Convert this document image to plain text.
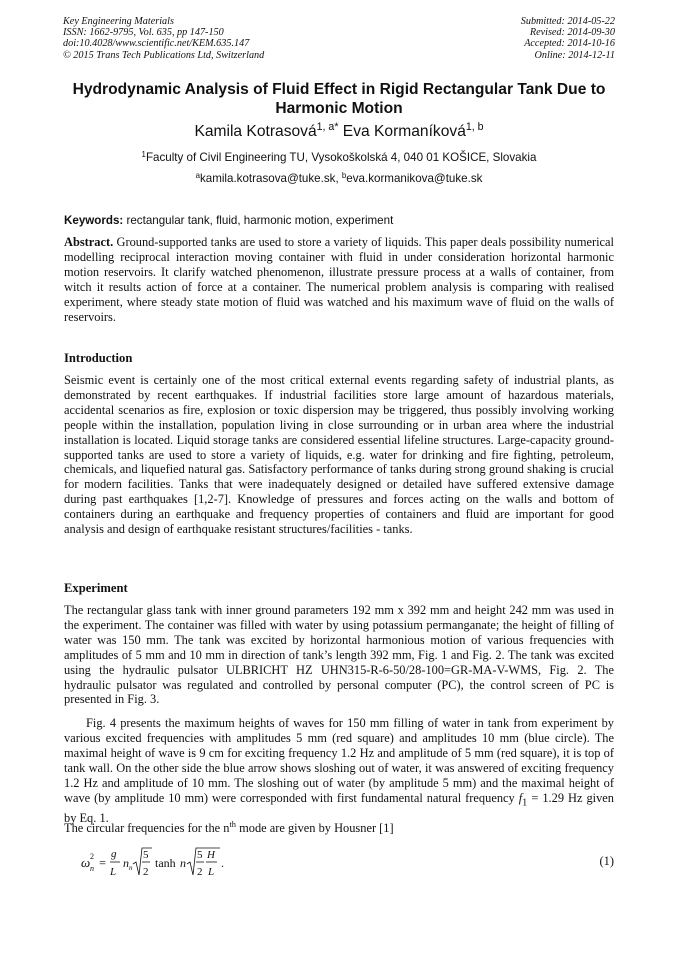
Key Engineering Materials
ISSN: 1662-9795, Vol. 635, pp 147-150
doi:10.4028/www.scientific.net/KEM.635.147
© 2015 Trans Tech Publications Ltd, Switzerland
Submitted: 2014-05-22
Revised: 2014-09-30
Accepted: 2014-10-16
Online: 2014-12-11
Hydrodynamic Analysis of Fluid Effect in Rigid Rectangular Tank Due to Harmonic Motion
Kamila Kotrasová$^{1, a*}$ Eva Kormaníková$^{1, b}$
$^1$Faculty of Civil Engineering TU, Vysokoškolská 4, 040 01 KOŠICE, Slovakia
$^a$kamila.kotrasova@tuke.sk, $^b$eva.kormanikova@tuke.sk
Keywords: rectangular tank, fluid, harmonic motion, experiment
Abstract. Ground-supported tanks are used to store a variety of liquids. This paper deals possibility numerical modelling reciprocal interaction moving container with fluid in under consideration horizontal harmonic motion reservoirs. It clarify watched phenomenon, illustrate pressure process at a walls of container, from witch it results action of force at a container. The numerical problem analysis is comparing with realised experiment, where steady state motion of fluid was watched and his maximum wave of fluid on the walls of reservoirs.
Introduction
Seismic event is certainly one of the most critical external events regarding safety of industrial plants, as demonstrated by recent earthquakes. If industrial facilities store large amount of hazardous materials, accidental scenarios as fire, explosion or toxic dispersion may be triggered, thus possibly involving working people within the installation, population living in close surrounding or in urban area where the industrial installation is located. Liquid storage tanks are considered essential lifeline structures. Large-capacity ground-supported tanks are used to store a variety of liquids, e.g. water for drinking and fire fighting, petroleum, chemicals, and liquefied natural gas. Satisfactory performance of tanks during strong ground shaking is crucial for modern facilities. Tanks that were inadequately designed or detailed have suffered extensive damage during past earthquakes [1,2-7]. Knowledge of pressures and forces acting on the walls and bottom of containers during an earthquake and frequency properties of containers and fluid are important for good analysis and design of earthquake resistant structures/facilities - tanks.
Experiment
The rectangular glass tank with inner ground parameters 192 mm x 392 mm and height 242 mm was used in the experiment. The container was filled with water by using potassium permanganate; the height of filling of water was 150 mm. The tank was excited by horizontal harmonious motion of various frequencies with amplitudes of 5 mm and 10 mm in direction of tank’s length 392 mm, Fig. 1 and Fig. 2. The tank was excited using the hydraulic pulsator ULBRICHT HZ UHN315-R-6-50/28-100=GR-MA-V-WMS, Fig. 2. The hydraulic pulsator was regulated and controlled by personal computer (PC), the control screen of PC is presented in Fig. 3.
Fig. 4 presents the maximum heights of waves for 150 mm filling of water in tank from experiment by various excited frequencies with amplitudes 5 mm (red square) and amplitudes 10 mm (blue circle). The maximal height of wave is 9 cm for exciting frequency 1.2 Hz and amplitude of 5 mm (red square), it is top of tank wall. On the other side the blue arrow shows sloshing out of water, it was answered of exciting frequency 1.2 Hz and amplitude of 10 mm. The sloshing out of water (by amplitude 5 mm) and the maximal height of wave (by amplitude 10 mm) were corresponded with first fundamental natural frequency $f_1 = 1.29$ Hz given by Eq. 1.
The circular frequencies for the $n^{th}$ mode are given by Housner [1]
ω 2
n =
g
L
n n
5
2
tanh n
5
2
H
L
.	(1)
